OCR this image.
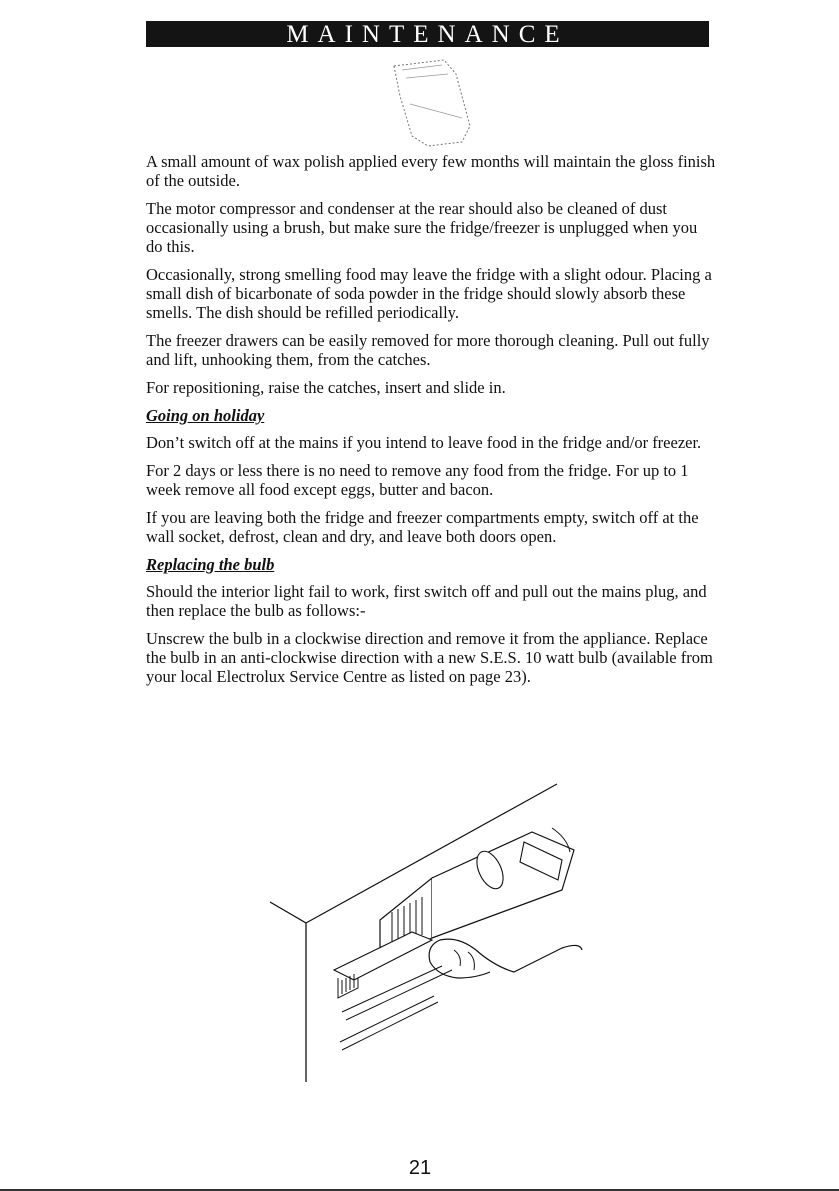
MAINTENANCE

A small amount of wax polish applied every few months will maintain the gloss finish of the outside.

The motor compressor and condenser at the rear should also be cleaned of dust occasionally using a brush, but make sure the fridge/freezer is unplugged when you do this.

Occasionally, strong smelling food may leave the fridge with a slight odour. Placing a small dish of bicarbonate of soda powder in the fridge should slowly absorb these smells. The dish should be refilled periodically.

The freezer drawers can be easily removed for more thorough cleaning. Pull out fully and lift, unhooking them, from the catches.

For repositioning, raise the catches, insert and slide in.

Going on holiday

Don’t switch off at the mains if you intend to leave food in the fridge and/or freezer.

For 2 days or less there is no need to remove any food from the fridge. For up to 1 week remove all food except eggs, butter and bacon.

If you are leaving both the fridge and freezer compartments empty, switch off at the wall socket, defrost, clean and dry, and leave both doors open.

Replacing the bulb

Should the interior light fail to work, first switch off and pull out the mains plug, and then replace the bulb as follows:-

Unscrew the bulb in a clockwise direction and remove it from the appliance. Replace the bulb in an anti-clockwise direction with a new S.E.S. 10 watt bulb (available from your local Electrolux Service Centre as listed on page 23).

21
